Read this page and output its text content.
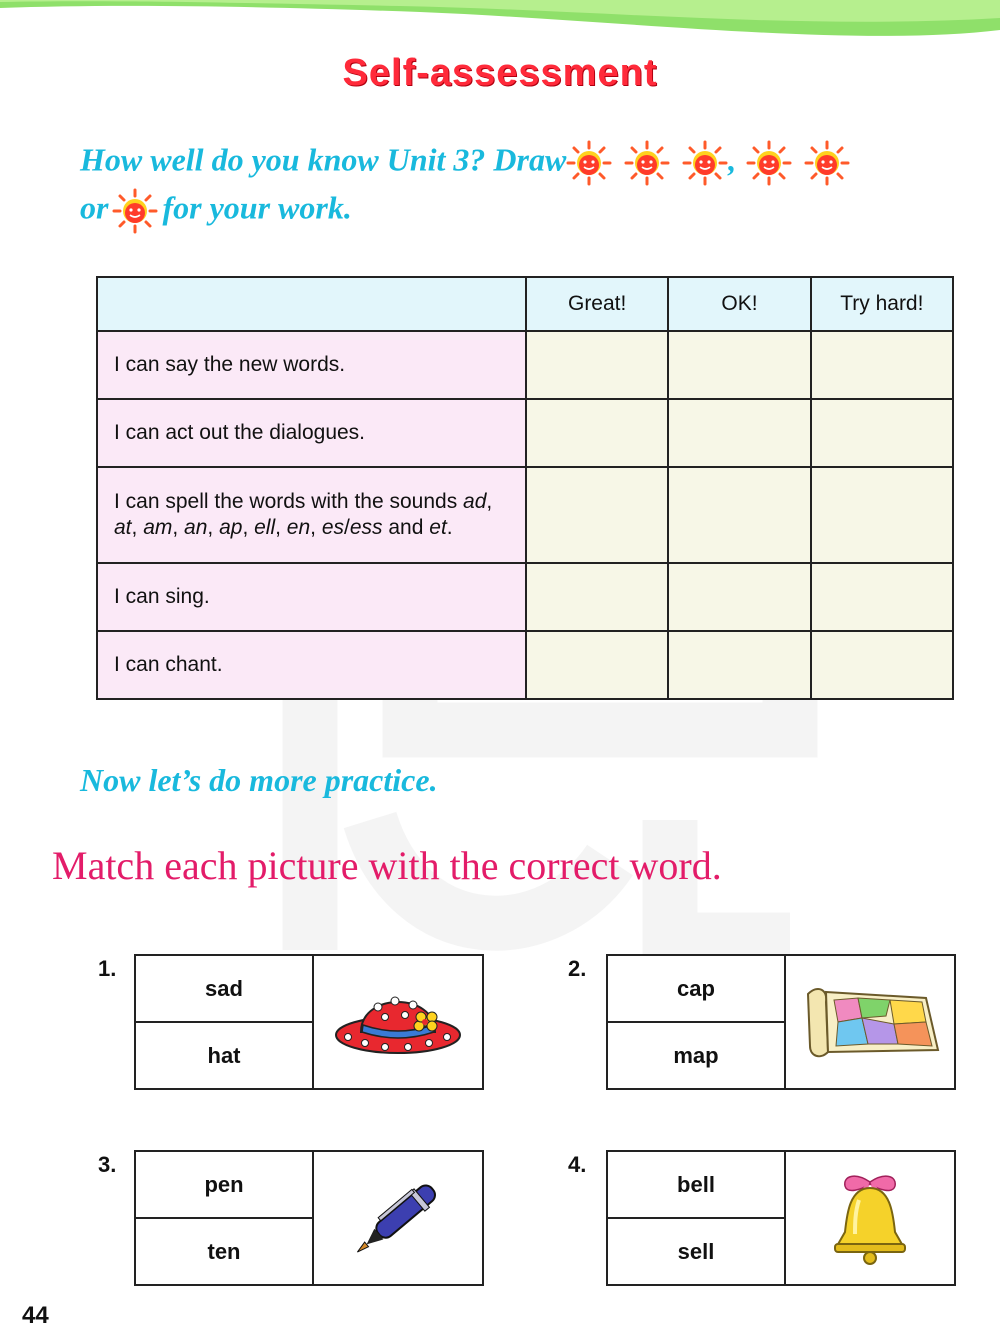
Self-assessment
How well do you know Unit 3? Draw	,
or for your work.
	Great!	OK!	Try hard!
I can say the new words.			
I can act out the dialogues.			
I can spell the words with the sounds ad, at, am, an, ap, ell, en, es/ess and et.			
I can sing.			
I can chant.			
Now let’s do more practice.
Match each picture with the correct word.
1.
sad
hat
2.
cap
map
3.
pen
ten
4.
bell
sell
44
